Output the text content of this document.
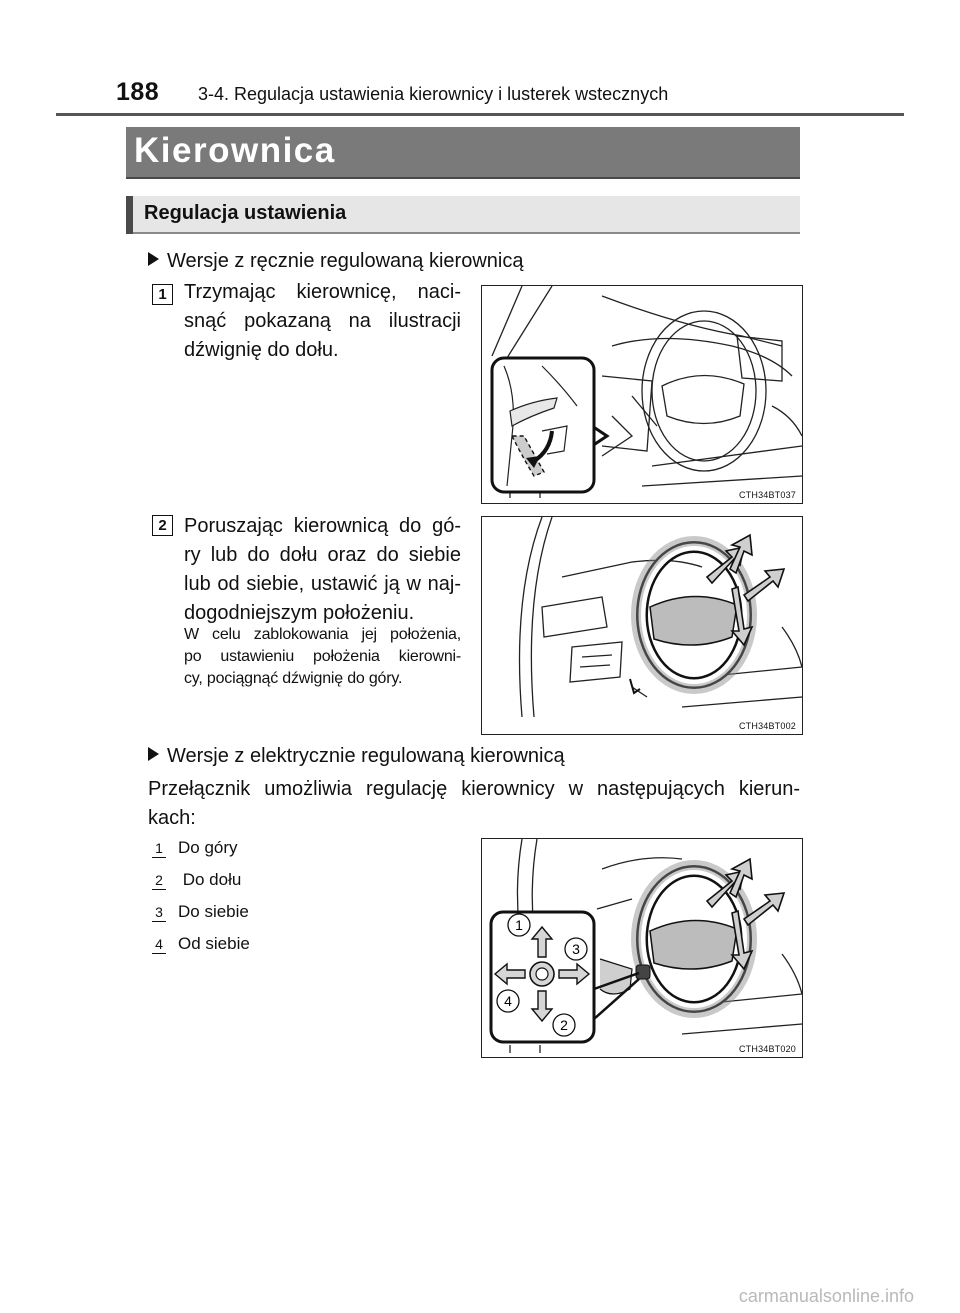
188 3-4. Regulacja ustawienia kierownicy i lusterek wstecznych
Kierownica
Regulacja ustawienia
Wersje z ręcznie regulowaną kierownicą
1 Trzymając kierownicę, naci-
snąć pokazaną na ilustracji
dźwignię do dołu.
CTH34BT037
2 Poruszając kierownicą do gó-
ry lub do dołu oraz do siebie
lub od siebie, ustawić ją w naj-
dogodniejszym położeniu.
W celu zablokowania jej położenia,
po ustawieniu położenia kierowni-
cy, pociągnąć dźwignię do góry.
CTH34BT002
Wersje z elektrycznie regulowaną kierownicą
Przełącznik umożliwia regulację kierownicy w następujących kierun-
kach:
1 Do góry
2 Do dołu
3 Do siebie
4 Od siebie
1
2
3
4
CTH34BT020
carmanualsonline.info
